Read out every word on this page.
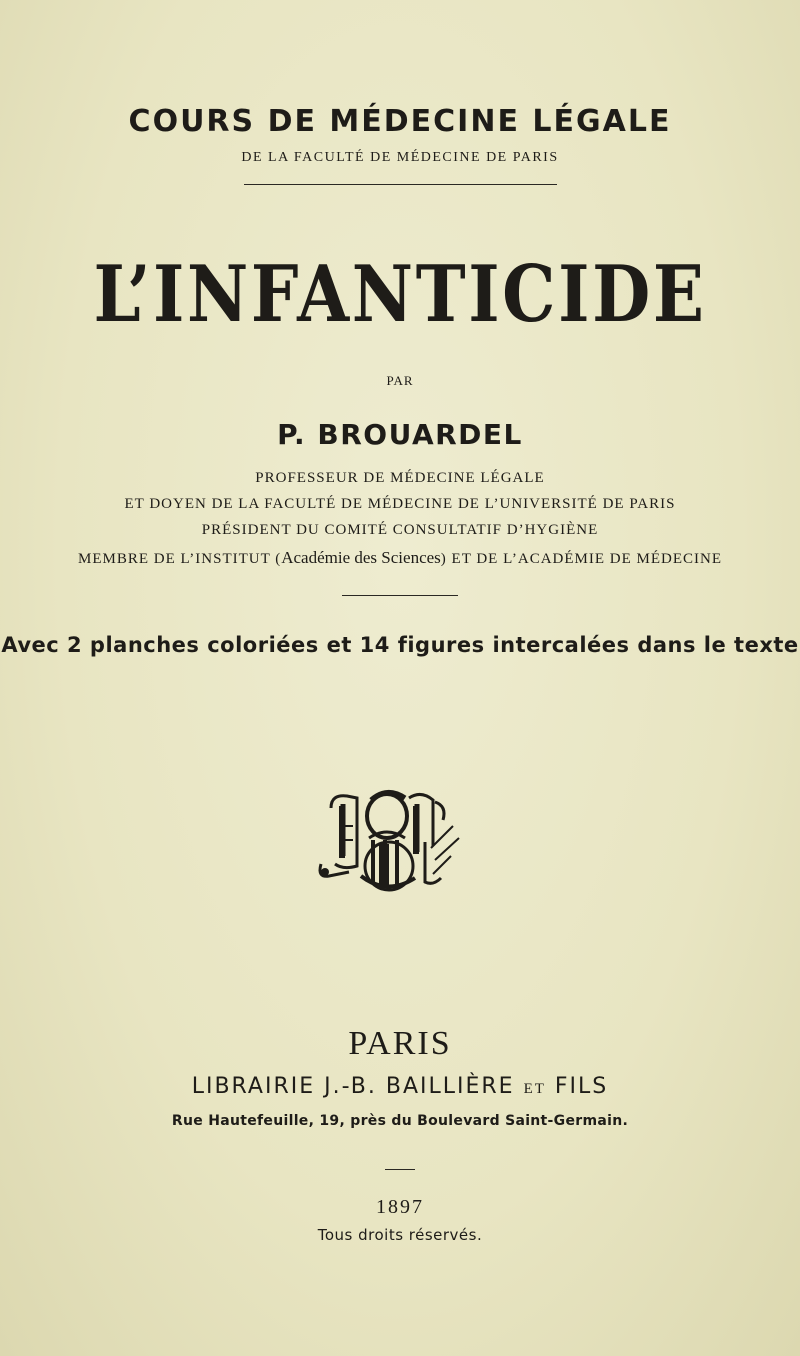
COURS DE MÉDECINE LÉGALE
DE LA FACULTÉ DE MÉDECINE DE PARIS
L’INFANTICIDE
PAR
P. BROUARDEL
PROFESSEUR DE MÉDECINE LÉGALE
ET DOYEN DE LA FACULTÉ DE MÉDECINE DE L’UNIVERSITÉ DE PARIS
PRÉSIDENT DU COMITÉ CONSULTATIF D’HYGIÈNE
MEMBRE DE L’INSTITUT (Académie des Sciences) ET DE L’ACADÉMIE DE MÉDECINE
Avec 2 planches coloriées et 14 figures intercalées dans le texte
PARIS
LIBRAIRIE J.-B. BAILLIÈRE ET FILS
Rue Hautefeuille, 19, près du Boulevard Saint-Germain.
1897
Tous droits réservés.
